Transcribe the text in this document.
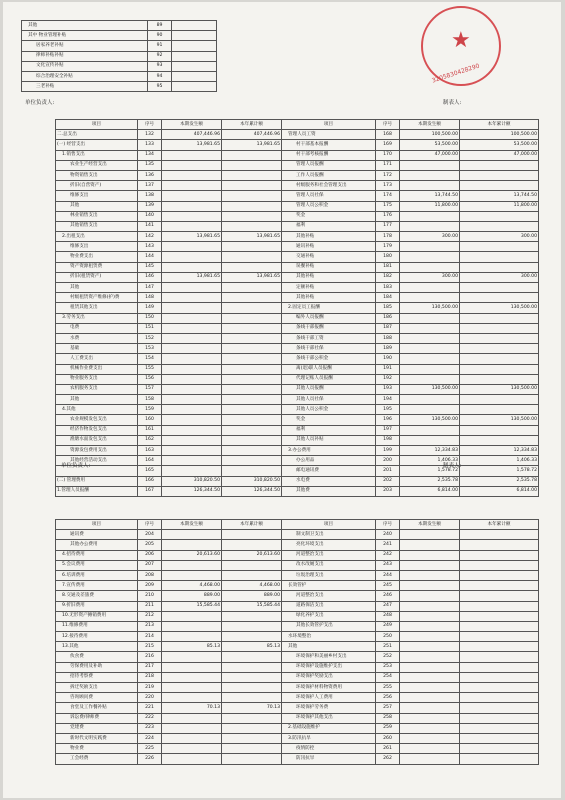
其他	89	
其中 物业管理补贴	90	
居家养老补贴	91	
律师补贴补贴	92	
文化宣传补贴	93	
综合治理安全补贴	94	
三老补贴	95	
★
3205830428290
单位负责人:	制表人:
项目	序号	本期发生额	本年累计额	项目	序号	本期发生额	本年累计额
二.总支出	132	407,446.96	407,446.96	管理人员工资	168	100,500.00	100,500.00
(一) 经营支出	133	13,981.65	13,981.65	村干部基本报酬	169	53,500.00	53,500.00
1.销售支出	134			村干部考核报酬	170	47,000.00	47,000.00
农业生产经营支出	135			管理人员报酬	171		
物资销售支出	136			工作人员报酬	172		
折旧(自营资产)	137			村级服务和社会管理支出	173		
维修支出	138			管理人员社保	174	13,744.50	13,744.50
其他	139			管理人员公积金	175	11,800.00	11,800.00
林业销售支出	140			奖金	176		
其他销售支出	141			福利	177		
2.出租支出	142	13,981.65	13,981.65	其他补贴	178	300.00	300.00
维修支出	143			通讯补贴	179		
物业费支出	144			交通补贴	180		
资产资源租赁费	145			误餐补贴	181		
折旧(租赁资产)	146	13,981.65	13,981.65	其他补贴	182	300.00	300.00
其他	147			定额补贴	183		
村级租赁资产维修(护)费	148			其他补贴	184		
租赁其他支出	149			2.固定员工报酬	185	130,500.00	130,500.00
3.劳务支出	150			编外人员报酬	186		
电费	151			条线干部报酬	187		
水费	152			条线干部工资	188		
基础	153			条线干部社保	189		
人工费支出	154			条线干部公积金	190		
机械作业费支出	155			离(退)职人员报酬	191		
物业服务支出	156			代理记账人员报酬	192		
农机服务支出	157			其他人员报酬	193	130,500.00	130,500.00
其他	158			其他人员社保	194		
4.其他	159			其他人员公积金	195		
农业规模发包支出	160			奖金	196	130,500.00	130,500.00
经济作物发包支出	161			福利	197		
渔塘水面发包支出	162			其他人员补贴	198		
资源发包费用支出	163			3.办公费用	199	12,334.83	12,334.83
其他经营活动支出	164			办公用品	200	1,406.33	1,406.33
	165			邮电通讯费	201	1,578.72	1,578.72
(二) 管理费用	166	310,820.50	310,820.50	水电费	202	2,535.78	2,535.78
1.管理人员报酬	167	126,344.50	126,344.50	其他费	203	6,814.00	6,814.00
单位负责人:	制表人:
项目	序号	本期发生额	本年累计额	项目	序号	本期发生额	本年累计额
通讯费	204			制文制卫支出	240		
其他办公费用	205			亮化环境支出	241		
4.招待费用	206	20,613.60	20,613.60	河道整治支出	242		
5.会议费用	207			改水改厕支出	243		
6.培训费用	208			垃圾治理支出	244		
7.宣传费用	209	4,468.00	4,468.00	长效管护	245		
8.交通及差旅费	210	889.00	889.00	河道整治支出	246		
9.折旧费用	211	15,585.44	15,585.44	道路保洁支出	247		
10.无形资产摊销费用	212			绿化养护支出	248		
11.维修费用	213			其他长效管护支出	249		
12.接待费用	214			水环境整治	250		
13.其他	215	85.13	85.13	其他	251		
伙食费	216			环境保护和美丽乡村支出	252		
劳保费用及补助	217			环境保护设施维护支出	253		
招待考察费	218			环境保护奖励支出	254		
拆迁奖励支出	219			环境保护材料物资费用	255		
咨询顾问费	220			环境保护人工费用	256		
食堂及工作餐补贴	221	70.13	70.13	环境保护劳务费	257		
诉讼费/律师费	222			环境保护其他支出	258		
党建费	223			2.基础设施维护	259		
新时代文明实践费	224			3.防汛抗旱	260		
物业费	225			疫情防控	261		
工会经费	226			防汛抗旱	262		
